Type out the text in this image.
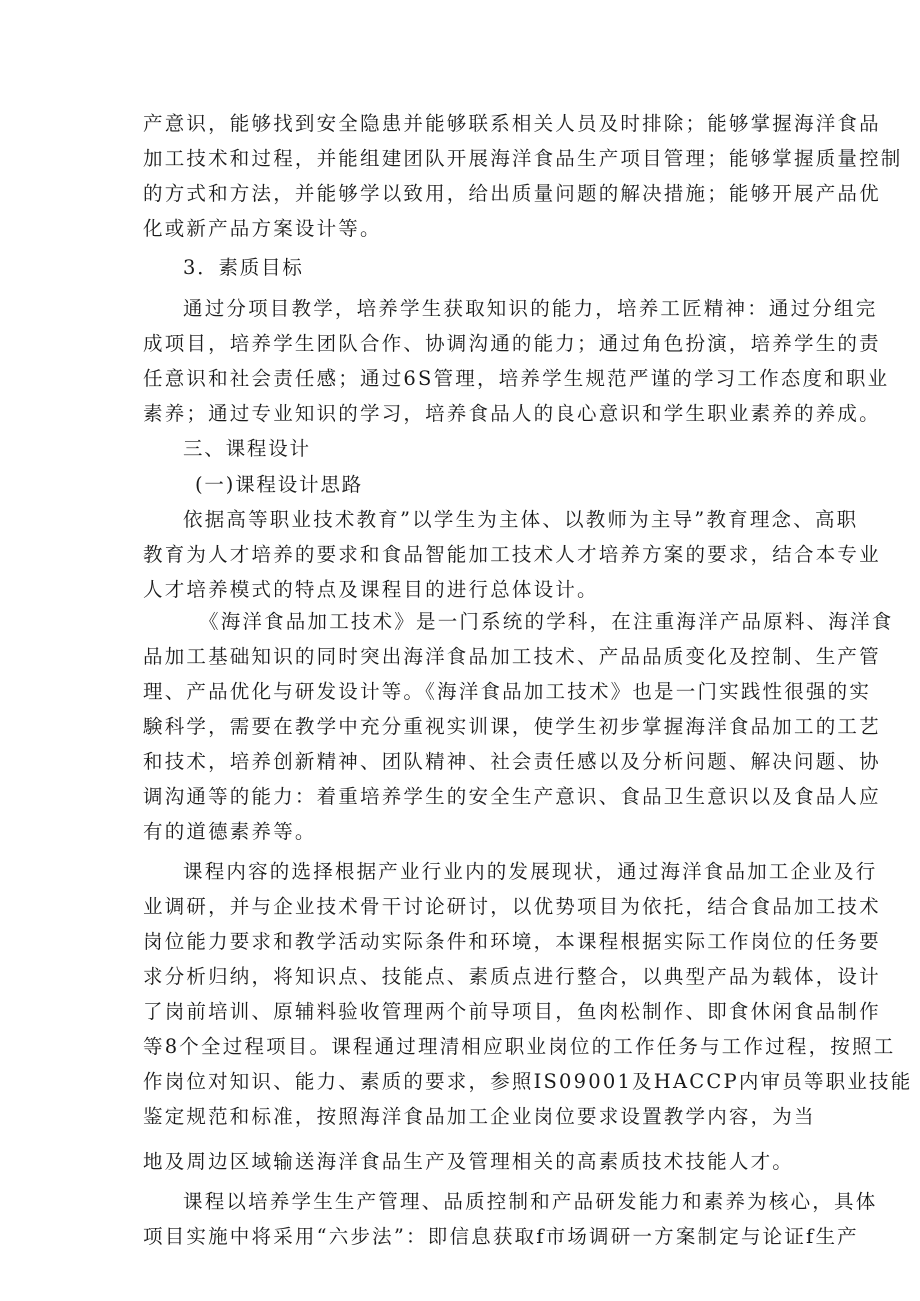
产意识，能够找到安全隐患并能够联系相关人员及时排除；能够掌握海洋食品
加工技术和过程，并能组建团队开展海洋食品生产项目管理；能够掌握质量控制
的方式和方法，并能够学以致用，给出质量问题的解决措施；能够开展产品优
化或新产品方案设计等。
3．素质目标
通过分项目教学，培养学生获取知识的能力，培养工匠精神：通过分组完
成项目，培养学生团队合作、协调沟通的能力；通过角色扮演，培养学生的责
任意识和社会责任感；通过6S管理，培养学生规范严谨的学习工作态度和职业
素养；通过专业知识的学习，培养食品人的良心意识和学生职业素养的养成。
三、课程设计
(一)课程设计思路
依据高等职业技术教育”以学生为主体、以教师为主导”教育理念、高职
教育为人才培养的要求和食品智能加工技术人才培养方案的要求，结合本专业
人才培养模式的特点及课程目的进行总体设计。
《海洋食品加工技术》是一门系统的学科，在注重海洋产品原料、海洋食
品加工基础知识的同时突出海洋食品加工技术、产品品质变化及控制、生产管
理、产品优化与研发设计等。《海洋食品加工技术》也是一门实践性很强的实
験科学，需要在教学中充分重视实训课，使学生初步掌握海洋食品加工的工艺
和技术，培养创新精神、团队精神、社会责任感以及分析问题、解决问题、协
调沟通等的能力：着重培养学生的安全生产意识、食品卫生意识以及食品人应
有的道德素养等。
课程内容的选择根据产业行业内的发展现状，通过海洋食品加工企业及行
业调研，并与企业技术骨干讨论研讨，以优势项目为依托，结合食品加工技术
岗位能力要求和教学活动实际条件和环境，本课程根据实际工作岗位的任务要
求分析归纳，将知识点、技能点、素质点进行整合，以典型产品为载体，设计
了岗前培训、原辅料验收管理两个前导项目，鱼肉松制作、即食休闲食品制作
等8个全过程项目。课程通过理清相应职业岗位的工作任务与工作过程，按照工
作岗位对知识、能力、素质的要求，参照IS09001及HACCP内审员等职业技能
鉴定规范和标准，按照海洋食品加工企业岗位要求设置教学内容，为当
地及周边区域输送海洋食品生产及管理相关的高素质技术技能人才。
课程以培养学生生产管理、品质控制和产品研发能力和素养为核心，具体
项目实施中将采用“六步法”：即信息获取f市场调研一方案制定与论证f生产
